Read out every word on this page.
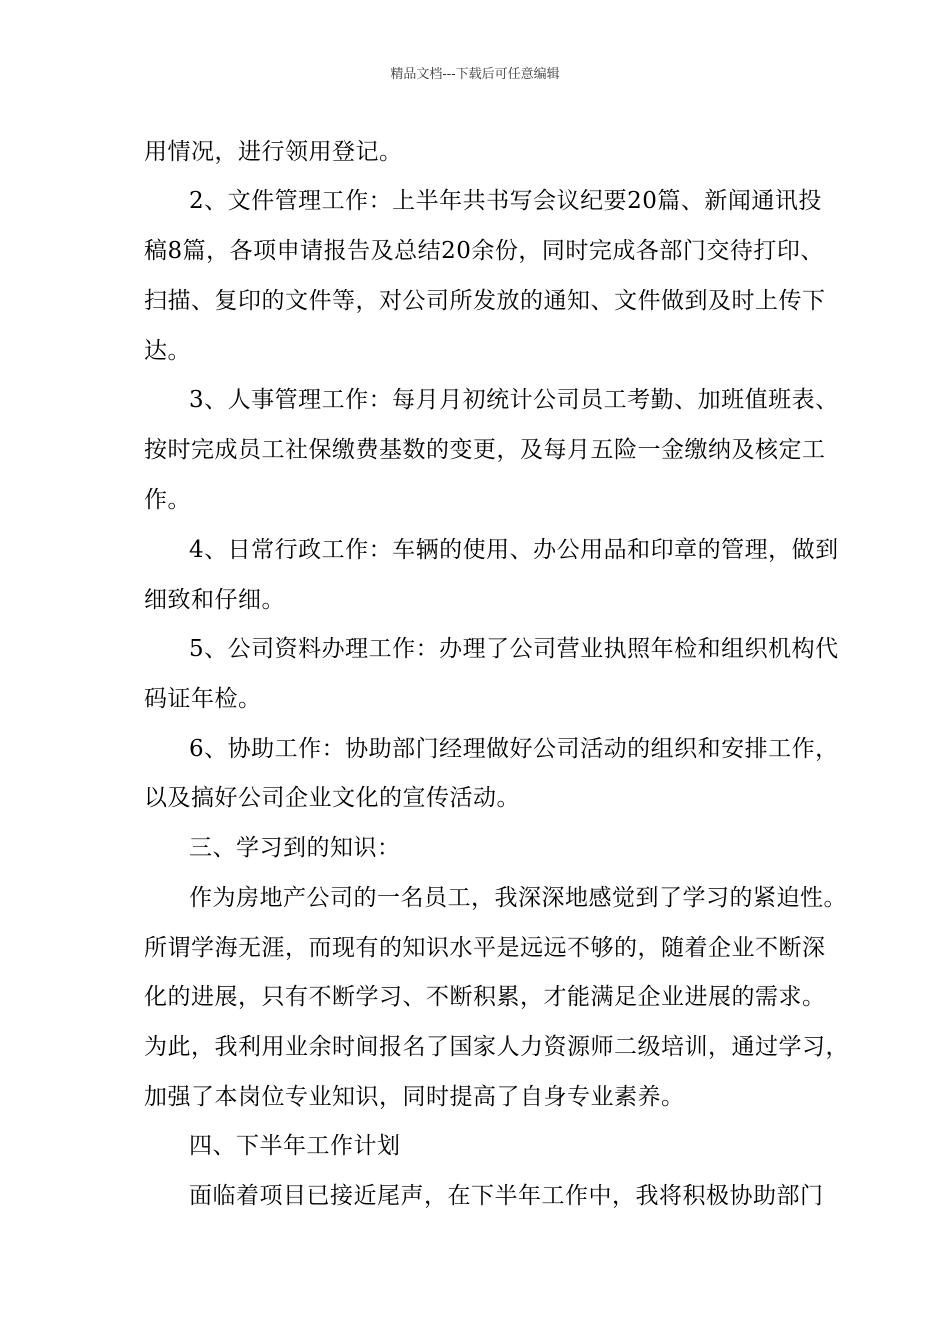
精品文档---下载后可任意编辑
用情况，进行领用登记。
2、文件管理工作：上半年共书写会议纪要20篇、新闻通讯投
稿8篇，各项申请报告及总结20余份，同时完成各部门交待打印、
扫描、复印的文件等，对公司所发放的通知、文件做到及时上传下
达。
3、人事管理工作：每月月初统计公司员工考勤、加班值班表、
按时完成员工社保缴费基数的变更，及每月五险一金缴纳及核定工
作。
4、日常行政工作：车辆的使用、办公用品和印章的管理，做到
细致和仔细。
5、公司资料办理工作：办理了公司营业执照年检和组织机构代
码证年检。
6、协助工作：协助部门经理做好公司活动的组织和安排工作，
以及搞好公司企业文化的宣传活动。
三、学习到的知识：
作为房地产公司的一名员工，我深深地感觉到了学习的紧迫性。
所谓学海无涯，而现有的知识水平是远远不够的，随着企业不断深
化的进展，只有不断学习、不断积累，才能满足企业进展的需求。
为此，我利用业余时间报名了国家人力资源师二级培训，通过学习，
加强了本岗位专业知识，同时提高了自身专业素养。
四、下半年工作计划
面临着项目已接近尾声，在下半年工作中，我将积极协助部门
